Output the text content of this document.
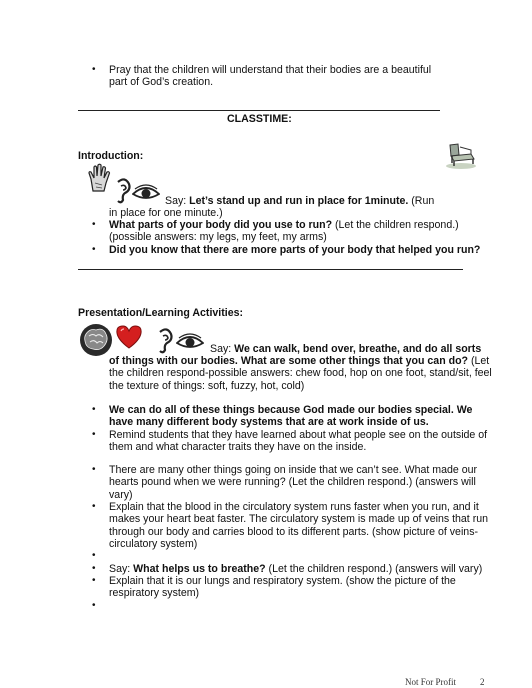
• Pray that the children will understand that their bodies are a beautiful part of God’s creation.
CLASSTIME:
Introduction:
Say: Let’s stand up and run in place for 1minute. (Run
in place for one minute.)
• What parts of your body did you use to run? (Let the children respond.) (possible answers: my legs, my feet, my arms)
• Did you know that there are more parts of your body that helped you run?
Presentation/Learning Activities:
Say: We can walk, bend over, breathe, and do all sorts
of things with our bodies. What are some other things that you can do? (Let the children respond-possible answers: chew food, hop on one foot, stand/sit, feel the texture of things: soft, fuzzy, hot, cold)
• We can do all of these things because God made our bodies special. We have many different body systems that are at work inside of us.
• Remind students that they have learned about what people see on the outside of them and what character traits they have on the inside.
• There are many other things going on inside that we can’t see. What made our hearts pound when we were running? (Let the children respond.) (answers will vary)
• Explain that the blood in the circulatory system runs faster when you run, and it makes your heart beat faster. The circulatory system is made up of veins that run through our body and carries blood to its different parts. (show picture of veins-circulatory system)
•
• Say: What helps us to breathe? (Let the children respond.) (answers will vary)
• Explain that it is our lungs and respiratory system. (show the picture of the respiratory system)
•
Not For Profit	2
